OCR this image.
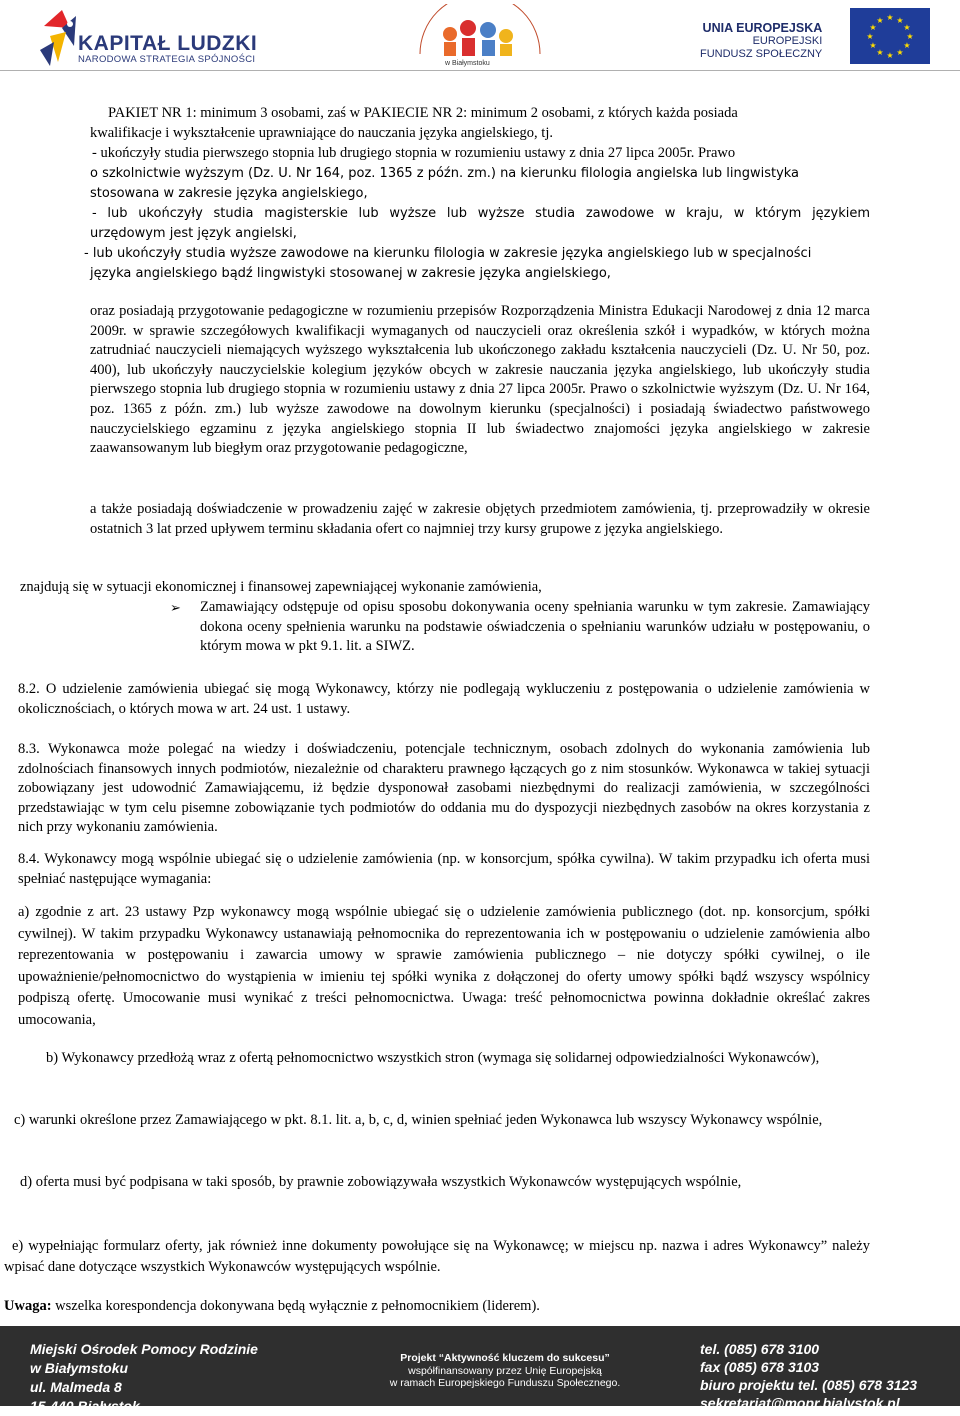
KAPITAŁ LUDZKI
NARODOWA STRATEGIA SPÓJNOŚCI	w Białymstoku
UNIA EUROPEJSKA
EUROPEJSKI
FUNDUSZ SPOŁECZNY
★ ★
★
★
★
★
★
★
★
★
★
★

PAKIET NR 1: minimum 3 osobami, zaś w PAKIECIE NR 2: minimum 2 osobami, z których każda posiada

kwalifikacje i wykształcenie uprawniające do nauczania języka angielskiego, tj.

- ukończyły studia pierwszego stopnia lub drugiego stopnia w rozumieniu ustawy z dnia 27 lipca 2005r. Prawo

o szkolnictwie wyższym (Dz. U. Nr 164, poz. 1365 z późn. zm.) na kierunku filologia angielska lub lingwistyka

stosowana w zakresie języka angielskiego,

- lub ukończyły studia magisterskie lub wyższe lub wyższe studia zawodowe w kraju, w którym językiem

urzędowym jest język angielski,

- lub ukończyły studia wyższe zawodowe na kierunku filologia w zakresie języka angielskiego lub w specjalności

języka angielskiego bądź lingwistyki stosowanej w zakresie języka angielskiego,

oraz posiadają przygotowanie pedagogiczne w rozumieniu przepisów Rozporządzenia Ministra Edukacji Narodowej z dnia 12 marca 2009r. w sprawie szczegółowych kwalifikacji wymaganych od nauczycieli oraz określenia szkół i wypadków, w których można zatrudniać nauczycieli niemających wyższego wykształcenia lub ukończonego zakładu kształcenia nauczycieli (Dz. U. Nr 50, poz. 400), lub ukończyły nauczycielskie kolegium języków obcych w zakresie nauczania języka angielskiego, lub ukończyły studia pierwszego stopnia lub drugiego stopnia w rozumieniu ustawy z dnia 27 lipca 2005r. Prawo o szkolnictwie wyższym (Dz. U. Nr 164, poz. 1365 z późn. zm.) lub wyższe zawodowe na dowolnym kierunku (specjalności) i posiadają świadectwo państwowego nauczycielskiego egzaminu z języka angielskiego stopnia II lub świadectwo znajomości języka angielskiego w zakresie zaawansowanym lub biegłym oraz przygotowanie pedagogiczne,

a także posiadają doświadczenie w prowadzeniu zajęć w zakresie objętych przedmiotem zamówienia, tj. przeprowadziły w okresie ostatnich 3 lat przed upływem terminu składania ofert co najmniej trzy kursy grupowe z języka angielskiego.

znajdują się w sytuacji ekonomicznej i finansowej zapewniającej wykonanie zamówienia,

➢	Zamawiający odstępuje od opisu sposobu dokonywania oceny spełniania warunku w tym zakresie. Zamawiający dokona oceny spełnienia warunku na podstawie oświadczenia o spełnianiu warunków udziału w postępowaniu, o którym mowa w pkt 9.1. lit. a SIWZ.

8.2. O udzielenie zamówienia ubiegać się mogą Wykonawcy, którzy nie podlegają wykluczeniu z postępowania o udzielenie zamówienia w okolicznościach, o których mowa w art. 24 ust. 1 ustawy.

8.3. Wykonawca może polegać na wiedzy i doświadczeniu, potencjale technicznym, osobach zdolnych do wykonania zamówienia lub zdolnościach finansowych innych podmiotów, niezależnie od charakteru prawnego łączących go z nim stosunków. Wykonawca w takiej sytuacji zobowiązany jest udowodnić Zamawiającemu, iż będzie dysponował zasobami niezbędnymi do realizacji zamówienia, w szczególności przedstawiając w tym celu pisemne zobowiązanie tych podmiotów do oddania mu do dyspozycji niezbędnych zasobów na okres korzystania z nich przy wykonaniu zamówienia.

8.4. Wykonawcy mogą wspólnie ubiegać się o udzielenie zamówienia (np. w konsorcjum, spółka cywilna). W takim przypadku ich oferta musi spełniać następujące wymagania:

a) zgodnie z art. 23 ustawy Pzp wykonawcy mogą wspólnie ubiegać się o udzielenie zamówienia publicznego (dot. np. konsorcjum, spółki cywilnej). W takim przypadku Wykonawcy ustanawiają pełnomocnika do reprezentowania ich w postępowaniu o udzielenie zamówienia albo reprezentowania w postępowaniu i zawarcia umowy w sprawie zamówienia publicznego – nie dotyczy spółki cywilnej, o ile upoważnienie/pełnomocnictwo do wystąpienia w imieniu tej spółki wynika z dołączonej do oferty umowy spółki bądź wszyscy wspólnicy podpiszą ofertę. Umocowanie musi wynikać z treści pełnomocnictwa. Uwaga: treść pełnomocnictwa powinna dokładnie określać zakres umocowania,

b) Wykonawcy przedłożą wraz z ofertą pełnomocnictwo wszystkich stron (wymaga się solidarnej odpowiedzialności Wykonawców),

c) warunki określone przez Zamawiającego w pkt. 8.1. lit. a, b, c, d, winien spełniać jeden Wykonawca lub wszyscy Wykonawcy wspólnie,

d) oferta musi być podpisana w taki sposób, by prawnie zobowiązywała wszystkich Wykonawców występujących wspólnie,

e) wypełniając formularz oferty, jak również inne dokumenty powołujące się na Wykonawcę; w miejscu np. nazwa i adres Wykonawcy” należy wpisać dane dotyczące wszystkich Wykonawców występujących wspólnie.

Uwaga: wszelka korespondencja dokonywana będą wyłącznie z pełnomocnikiem (liderem).

Miejski Ośrodek Pomocy Rodzinie
w Białymstoku
ul. Malmeda 8
15-440 Białystok
Projekt “Aktywność kluczem do sukcesu”
współfinansowany przez Unię Europejską
w ramach Europejskiego Funduszu Społecznego.
tel. (085) 678 3100
fax (085) 678 3103
biuro projektu tel. (085) 678 3123
sekretariat@mopr.bialystok.pl
